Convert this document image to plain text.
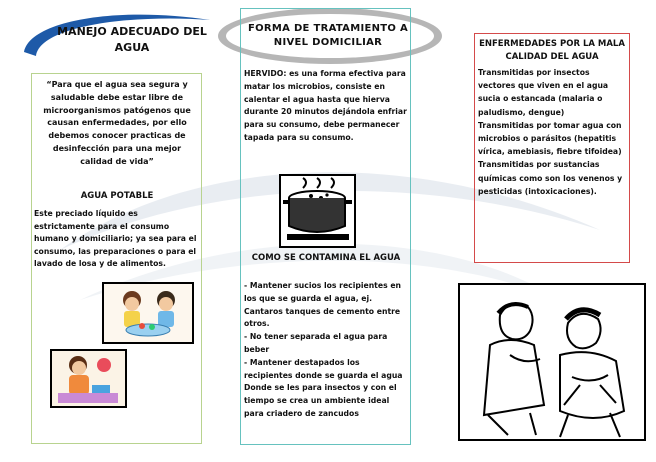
MANEJO ADECUADO DEL AGUA
“Para que el agua sea segura y saludable debe estar libre de microorganismos patógenos que causan enfermedades, por ello debemos conocer practicas de desinfección para una mejor calidad de vida”
AGUA POTABLE
Este preciado líquido es estrictamente para el consumo humano y domiciliario; ya sea para el consumo, las preparaciones o para el lavado de losa y de alimentos.
FORMA DE TRATAMIENTO A NIVEL DOMICILIAR
HERVIDO: es una forma efectiva para matar los microbios, consiste en calentar el agua hasta que hierva durante 20 minutos dejándola enfriar para su consumo, debe permanecer tapada para su consumo.
COMO SE CONTAMINA EL AGUA

- Mantener sucios los recipientes en los que se guarda el agua, ej. Cantaros tanques de cemento entre otros.

- No tener separada el agua para beber

- Mantener destapados los recipientes donde se guarda el agua Donde se les para insectos y con el tiempo se crea un ambiente ideal para criadero de zancudos

ENFERMEDADES POR LA MALA CALIDAD DEL AGUA

Transmitidas por insectos vectores que viven en el agua sucia o estancada (malaria o paludismo, dengue)

Transmitidas por tomar agua con microbios o parásitos (hepatitis vírica, amebiasis, fiebre tifoidea)

Transmitidas por sustancias químicas como son los venenos y pesticidas (intoxicaciones).
